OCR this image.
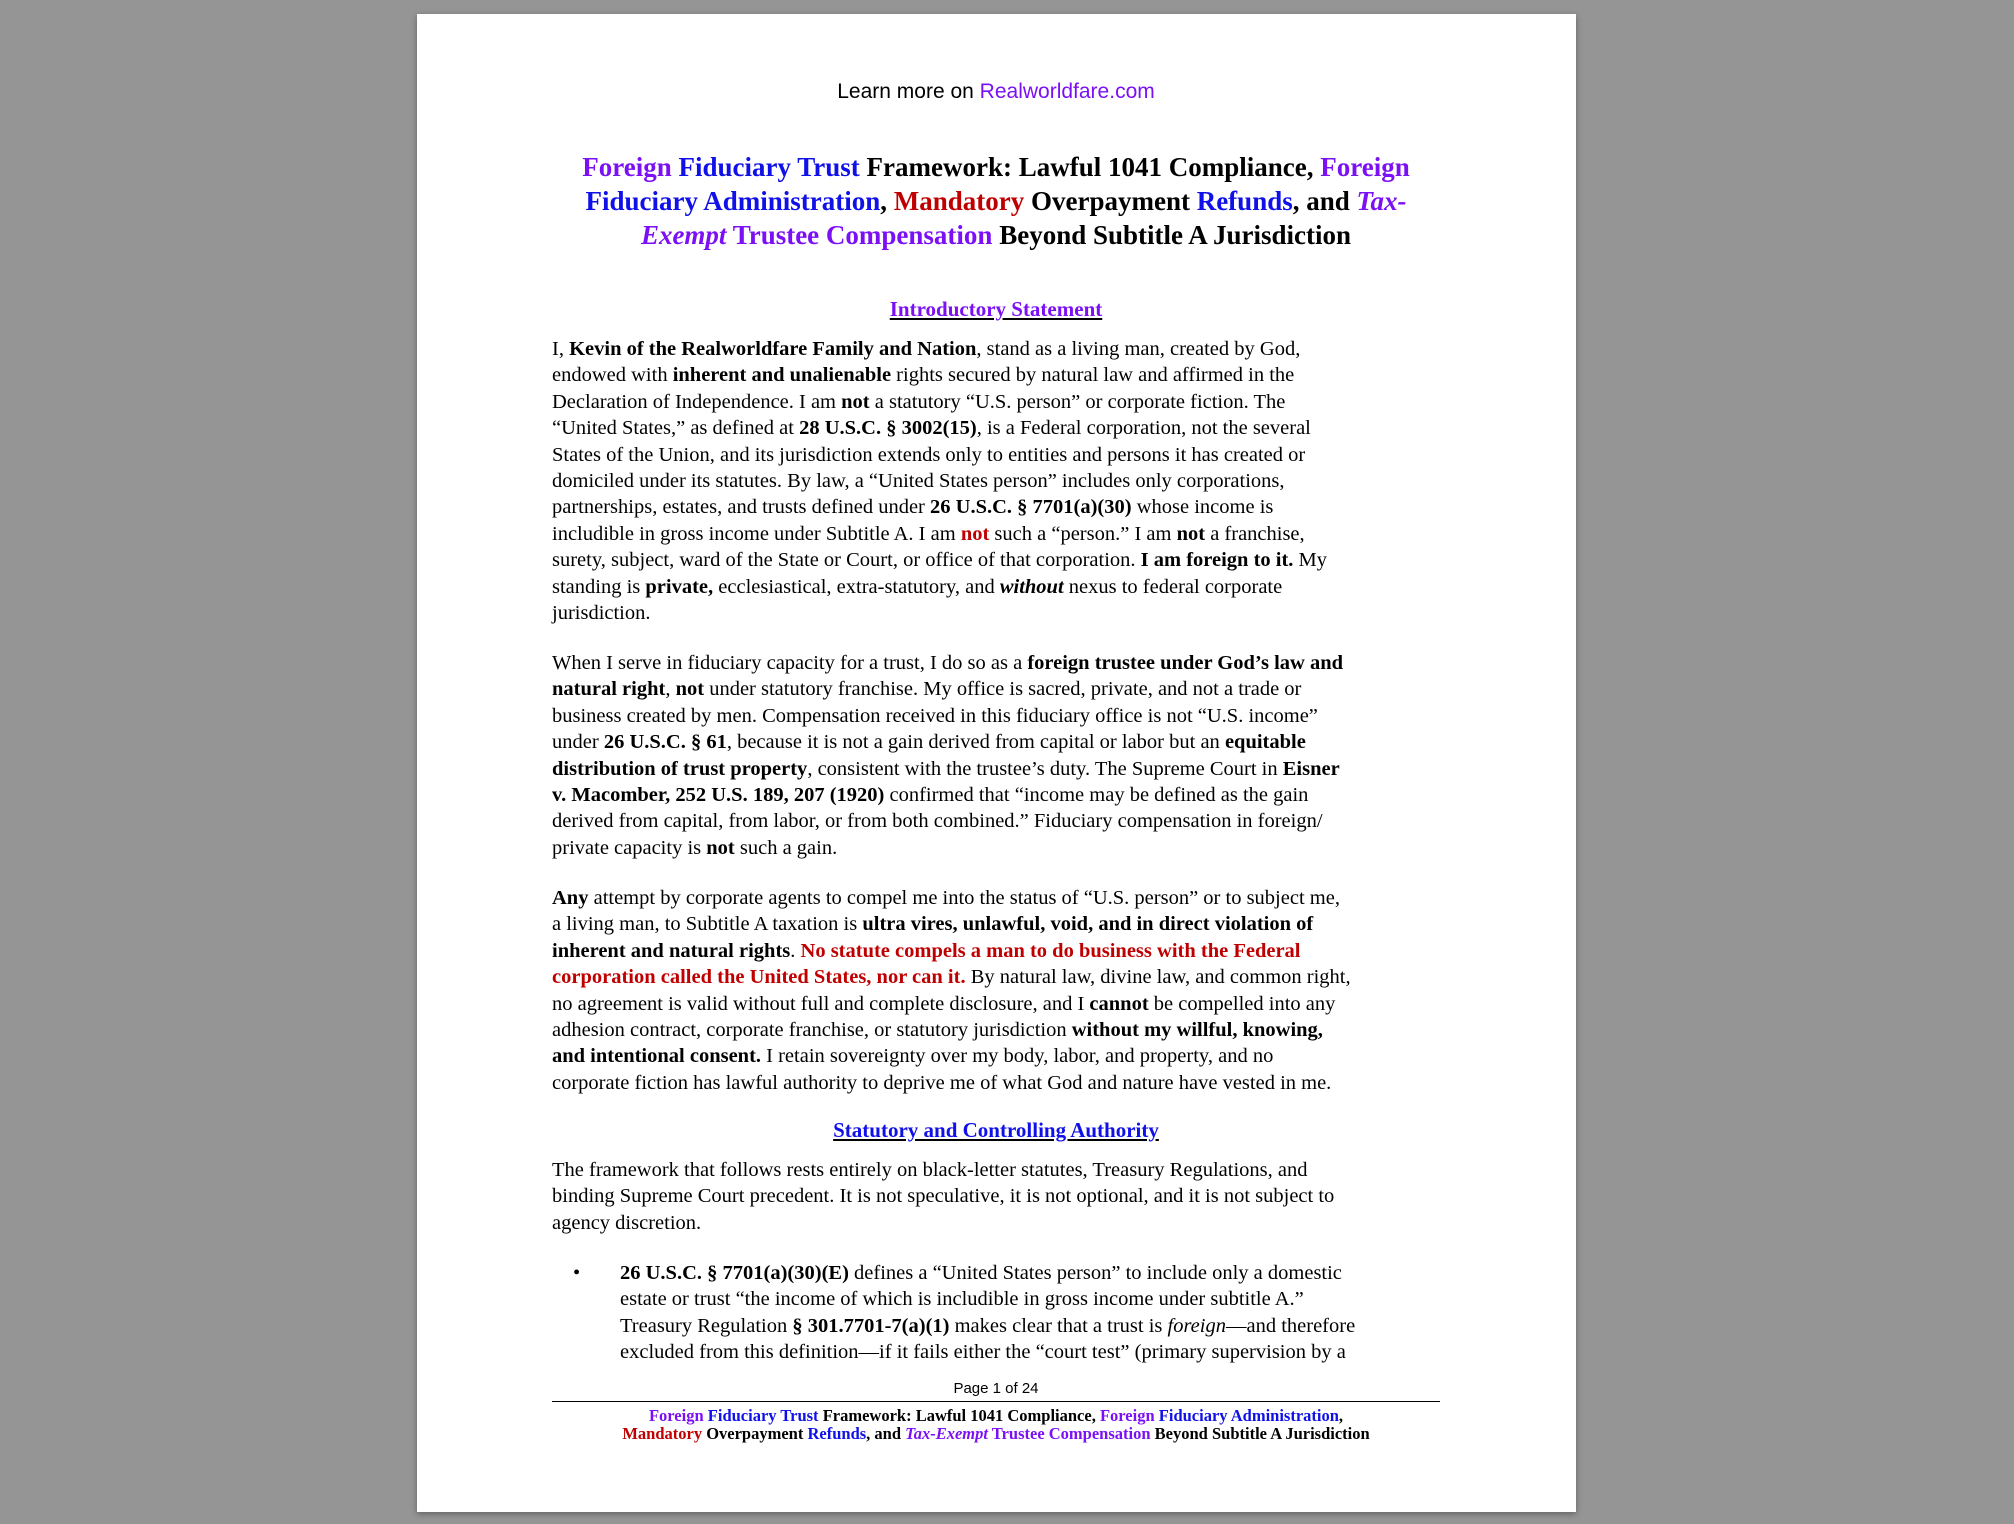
Learn more on Realworldfare.com
Foreign Fiduciary Trust Framework: Lawful 1041 Compliance, Foreign
Fiduciary Administration, Mandatory Overpayment Refunds, and Tax-
Exempt Trustee Compensation Beyond Subtitle A Jurisdiction
Introductory Statement
I, Kevin of the Realworldfare Family and Nation, stand as a living man, created by God,
endowed with inherent and unalienable rights secured by natural law and affirmed in the
Declaration of Independence. I am not a statutory “U.S. person” or corporate fiction. The
“United States,” as defined at 28 U.S.C. § 3002(15), is a Federal corporation, not the several
States of the Union, and its jurisdiction extends only to entities and persons it has created or
domiciled under its statutes. By law, a “United States person” includes only corporations,
partnerships, estates, and trusts defined under 26 U.S.C. § 7701(a)(30) whose income is
includible in gross income under Subtitle A. I am not such a “person.” I am not a franchise,
surety, subject, ward of the State or Court, or office of that corporation. I am foreign to it. My
standing is private, ecclesiastical, extra-statutory, and without nexus to federal corporate
jurisdiction.
When I serve in fiduciary capacity for a trust, I do so as a foreign trustee under God’s law and
natural right, not under statutory franchise. My office is sacred, private, and not a trade or
business created by men. Compensation received in this fiduciary office is not “U.S. income”
under 26 U.S.C. § 61, because it is not a gain derived from capital or labor but an equitable
distribution of trust property, consistent with the trustee’s duty. The Supreme Court in Eisner
v. Macomber, 252 U.S. 189, 207 (1920) confirmed that “income may be defined as the gain
derived from capital, from labor, or from both combined.” Fiduciary compensation in foreign/
private capacity is not such a gain.
Any attempt by corporate agents to compel me into the status of “U.S. person” or to subject me,
a living man, to Subtitle A taxation is ultra vires, unlawful, void, and in direct violation of
inherent and natural rights. No statute compels a man to do business with the Federal
corporation called the United States, nor can it. By natural law, divine law, and common right,
no agreement is valid without full and complete disclosure, and I cannot be compelled into any
adhesion contract, corporate franchise, or statutory jurisdiction without my willful, knowing,
and intentional consent. I retain sovereignty over my body, labor, and property, and no
corporate fiction has lawful authority to deprive me of what God and nature have vested in me.
Statutory and Controlling Authority
The framework that follows rests entirely on black-letter statutes, Treasury Regulations, and
binding Supreme Court precedent. It is not speculative, it is not optional, and it is not subject to
agency discretion.
• 26 U.S.C. § 7701(a)(30)(E) defines a “United States person” to include only a domestic
estate or trust “the income of which is includible in gross income under subtitle A.”
Treasury Regulation § 301.7701-7(a)(1) makes clear that a trust is foreign—and therefore
excluded from this definition—if it fails either the “court test” (primary supervision by a
Page 1 of 24
Foreign Fiduciary Trust Framework: Lawful 1041 Compliance, Foreign Fiduciary Administration,
Mandatory Overpayment Refunds, and Tax-Exempt Trustee Compensation Beyond Subtitle A Jurisdiction
